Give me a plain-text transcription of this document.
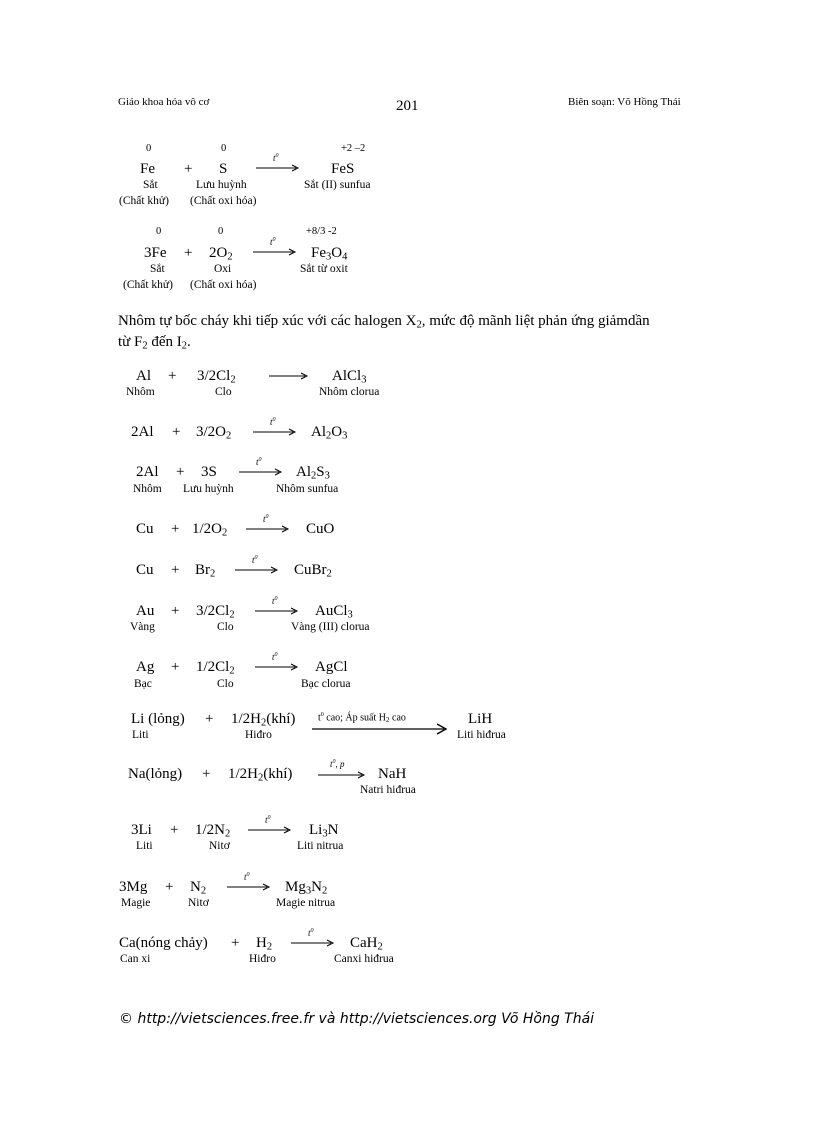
Giáo khoa hóa vô cơ	201	Biên soạn: Võ Hồng Thái
0	0	+2 –2
Fe + S
$t^0$
FeS
Sắt	Lưu huỳnh	Sắt (II) sunfua
(Chất khử) (Chất oxi hóa)
0	0	+8/3 -2
$3Fe + 2O_2$
$t^0$
→ $Fe_3O_4$
Sắt	Oxi	Sắt từ oxit
(Chất khử) (Chất oxi hóa)
Nhôm tự bốc cháy khi tiếp xúc với các halogen $X_2$, mức độ mãnh liệt phản ứng giảmdần
từ $F_2$ đến $I_2$.
$Al + 3/2Cl_2$ → AlCl$_3$
Nhôm	Clo	Nhôm clorua
$2Al + 3/2O_2$
$t^0$
→ $Al_2O_3$
2Al + 3S
$t^0$
→ $Al_2S_3$
Nhôm Lưu huỳnh	Nhôm sunfua
$Cu + 1/2O_2$
$t^0$
→ CuO
$Cu + Br_2$
$t^0$
→ CuBr$_2$
$Au + 3/2Cl_2$
$t^0$
→ AuCl$_3$
Vàng	Clo	Vàng (III) clorua
$Ag + 1/2Cl_2$
$t^0$
→ AgCl
Bạc	Clo	Bạc clorua
Li (lỏng) + $1/2H_2(khí)$ $t^0$ cao; Áp suất $H_2$ cao	LiH
Liti	Hiđro	Liti hiđrua
Na(lỏng) + $1/2H_2(khí)$
$t^0$, p
→ NaH
Natri hiđrua
$3Li + 1/2N_2$
$t^0$
→ $Li_3N$
Liti	Nitơ	Liti nitrua
$3Mg + N_2$
$t^0$
→ $Mg_3N_2$
Magie	Nitơ	Magie nitrua
Ca(nóng chảy) + $H_2$
$t^0$
→ CaH$_2$
Can xi	Hiđro	Canxi hiđrua
© http://vietsciences.free.fr và http://vietsciences.org Võ Hồng Thái
